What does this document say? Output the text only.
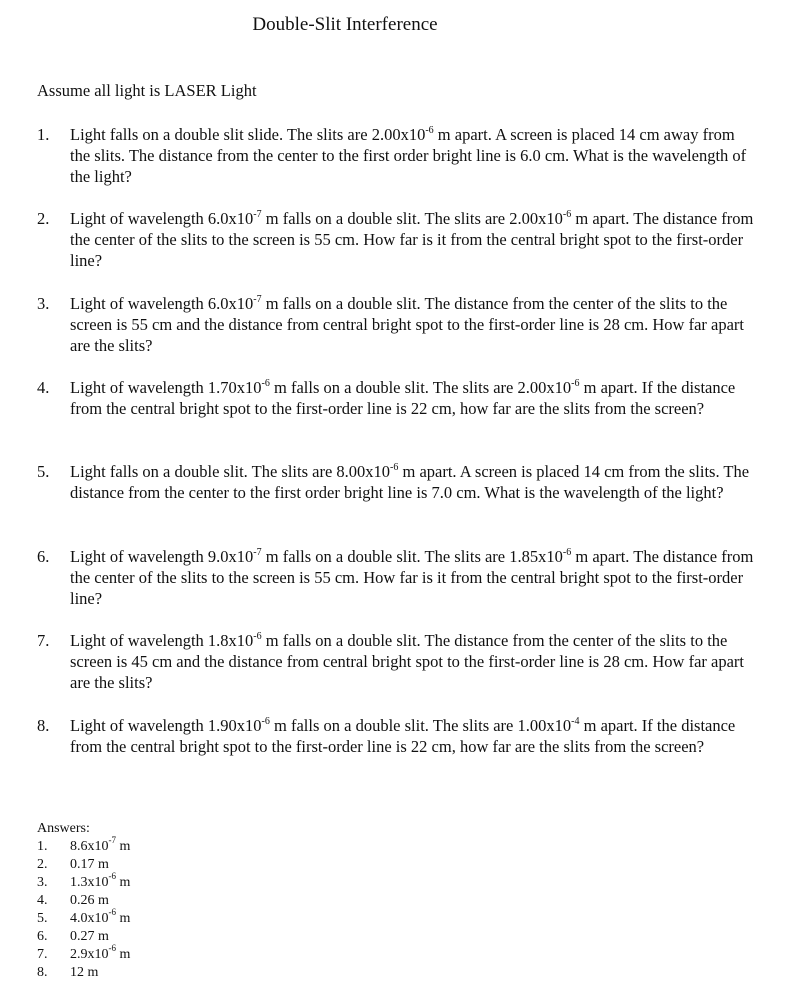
Double-Slit Interference
Assume all light is LASER Light
1. Light falls on a double slit slide. The slits are $2.00x10^{-6}$ m apart. A screen is placed 14 cm away from the slits. The distance from the center to the first order bright line is 6.0 cm. What is the wavelength of the light?
2. Light of wavelength $6.0x10^{-7}$ m falls on a double slit. The slits are $2.00x10^{-6}$ m apart. The distance from the center of the slits to the screen is 55 cm. How far is it from the central bright spot to the first-order line?
3. Light of wavelength $6.0x10^{-7}$ m falls on a double slit. The distance from the center of the slits to the screen is 55 cm and the distance from central bright spot to the first-order line is 28 cm. How far apart are the slits?
4. Light of wavelength $1.70x10^{-6}$ m falls on a double slit. The slits are $2.00x10^{-6}$ m apart. If the distance from the central bright spot to the first-order line is 22 cm, how far are the slits from the screen?
5. Light falls on a double slit. The slits are $8.00x10^{-6}$ m apart. A screen is placed 14 cm from the slits. The distance from the center to the first order bright line is 7.0 cm. What is the wavelength of the light?
6. Light of wavelength $9.0x10^{-7}$ m falls on a double slit. The slits are $1.85x10^{-6}$ m apart. The distance from the center of the slits to the screen is 55 cm. How far is it from the central bright spot to the first-order line?
7. Light of wavelength $1.8x10^{-6}$ m falls on a double slit. The distance from the center of the slits to the screen is 45 cm and the distance from central bright spot to the first-order line is 28 cm. How far apart are the slits?
8. Light of wavelength $1.90x10^{-6}$ m falls on a double slit. The slits are $1.00x10^{-4}$ m apart. If the distance from the central bright spot to the first-order line is 22 cm, how far are the slits from the screen?
Answers:
1. $8.6x10^{-7}$ m
2. 0.17 m
3. $1.3x10^{-6}$ m
4. 0.26 m
5. $4.0x10^{-6}$ m
6. 0.27 m
7. $2.9x10^{-6}$ m
8. 12 m
